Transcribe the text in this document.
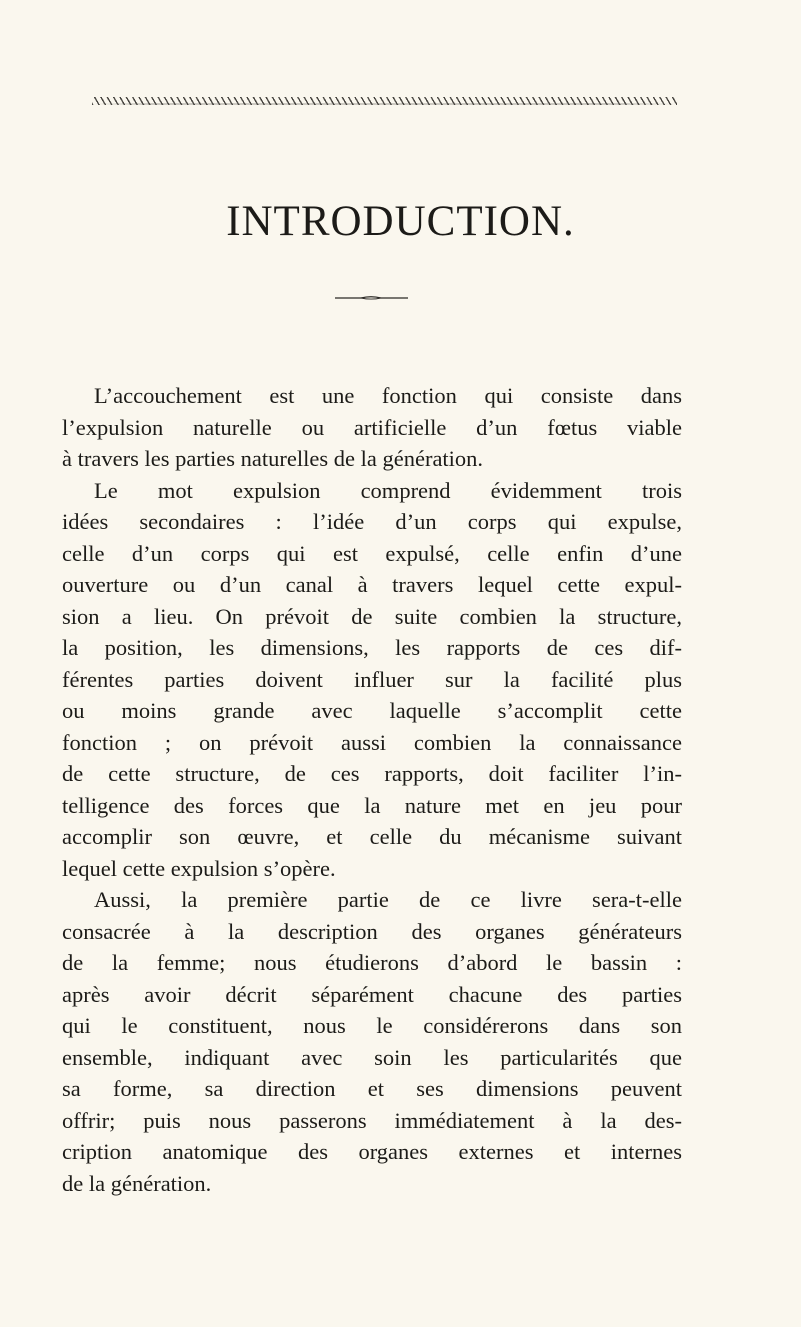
INTRODUCTION.
L’accouchement est une fonction qui consiste dans
l’expulsion naturelle ou artificielle d’un fœtus viable
à travers les parties naturelles de la génération.
Le mot expulsion comprend évidemment trois
idées secondaires : l’idée d’un corps qui expulse,
celle d’un corps qui est expulsé, celle enfin d’une
ouverture ou d’un canal à travers lequel cette expul-
sion a lieu. On prévoit de suite combien la structure,
la position, les dimensions, les rapports de ces dif-
férentes parties doivent influer sur la facilité plus
ou moins grande avec laquelle s’accomplit cette
fonction ; on prévoit aussi combien la connaissance
de cette structure, de ces rapports, doit faciliter l’in-
telligence des forces que la nature met en jeu pour
accomplir son œuvre, et celle du mécanisme suivant
lequel cette expulsion s’opère.
Aussi, la première partie de ce livre sera-t-elle
consacrée à la description des organes générateurs
de la femme; nous étudierons d’abord le bassin :
après avoir décrit séparément chacune des parties
qui le constituent, nous le considérerons dans son
ensemble, indiquant avec soin les particularités que
sa forme, sa direction et ses dimensions peuvent
offrir; puis nous passerons immédiatement à la des-
cription anatomique des organes externes et internes
de la génération.
